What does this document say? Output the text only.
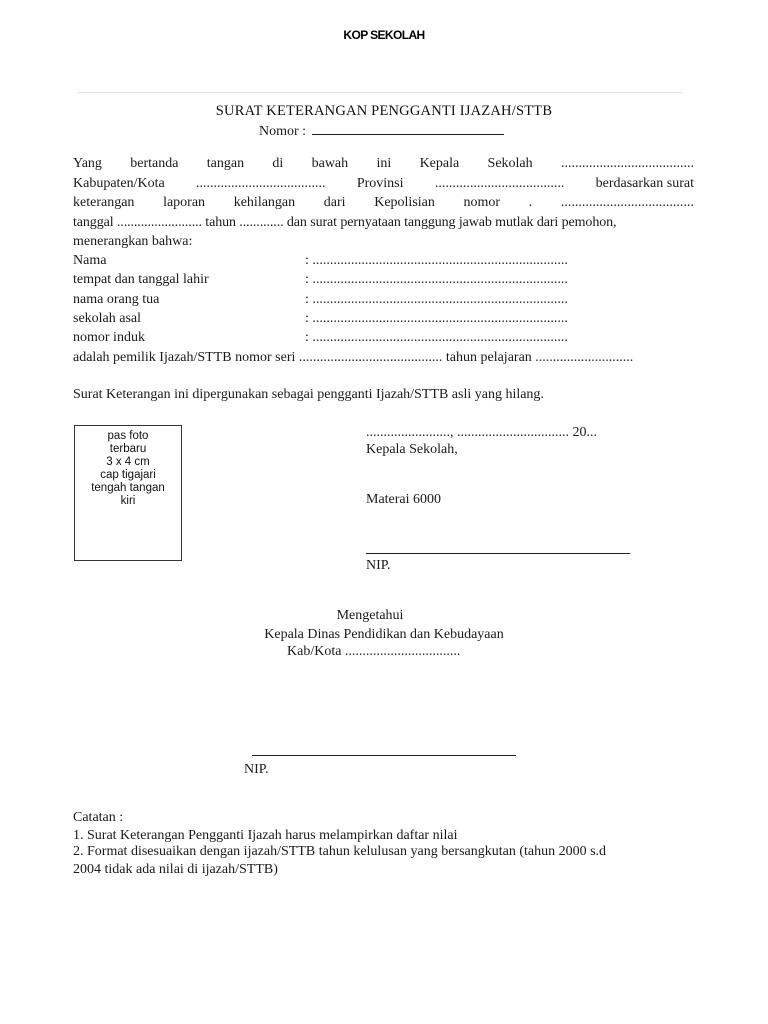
KOP SEKOLAH
SURAT KETERANGAN PENGGANTI IJAZAH/STTB
Nomor :
Yang bertanda tangan di bawah ini Kepala Sekolah ......................................
Kabupaten/Kota ..................................... Provinsi ..................................... berdasarkan surat
keterangan laporan kehilangan dari Kepolisian nomor . ......................................
tanggal ......................... tahun ............. dan surat pernyataan tanggung jawab mutlak dari pemohon,
menerangkan bahwa:
Nama	: .........................................................................
tempat dan tanggal lahir	: .........................................................................
nama orang tua	: .........................................................................
sekolah asal	: .........................................................................
nomor induk	: .........................................................................
adalah pemilik Ijazah/STTB nomor seri ......................................... tahun pelajaran ............................
Surat Keterangan ini dipergunakan sebagai pengganti Ijazah/STTB asli yang hilang.
pas foto
terbaru
3 x 4 cm
cap tigajari
tengah tangan
kiri
........................, ................................ 20...
Kepala Sekolah,
Materai 6000
NIP.
Mengetahui
Kepala Dinas Pendidikan dan Kebudayaan
Kab/Kota .................................
NIP.
Catatan :
1. Surat Keterangan Pengganti Ijazah harus melampirkan daftar nilai
2. Format disesuaikan dengan ijazah/STTB tahun kelulusan yang bersangkutan (tahun 2000 s.d
2004 tidak ada nilai di ijazah/STTB)
